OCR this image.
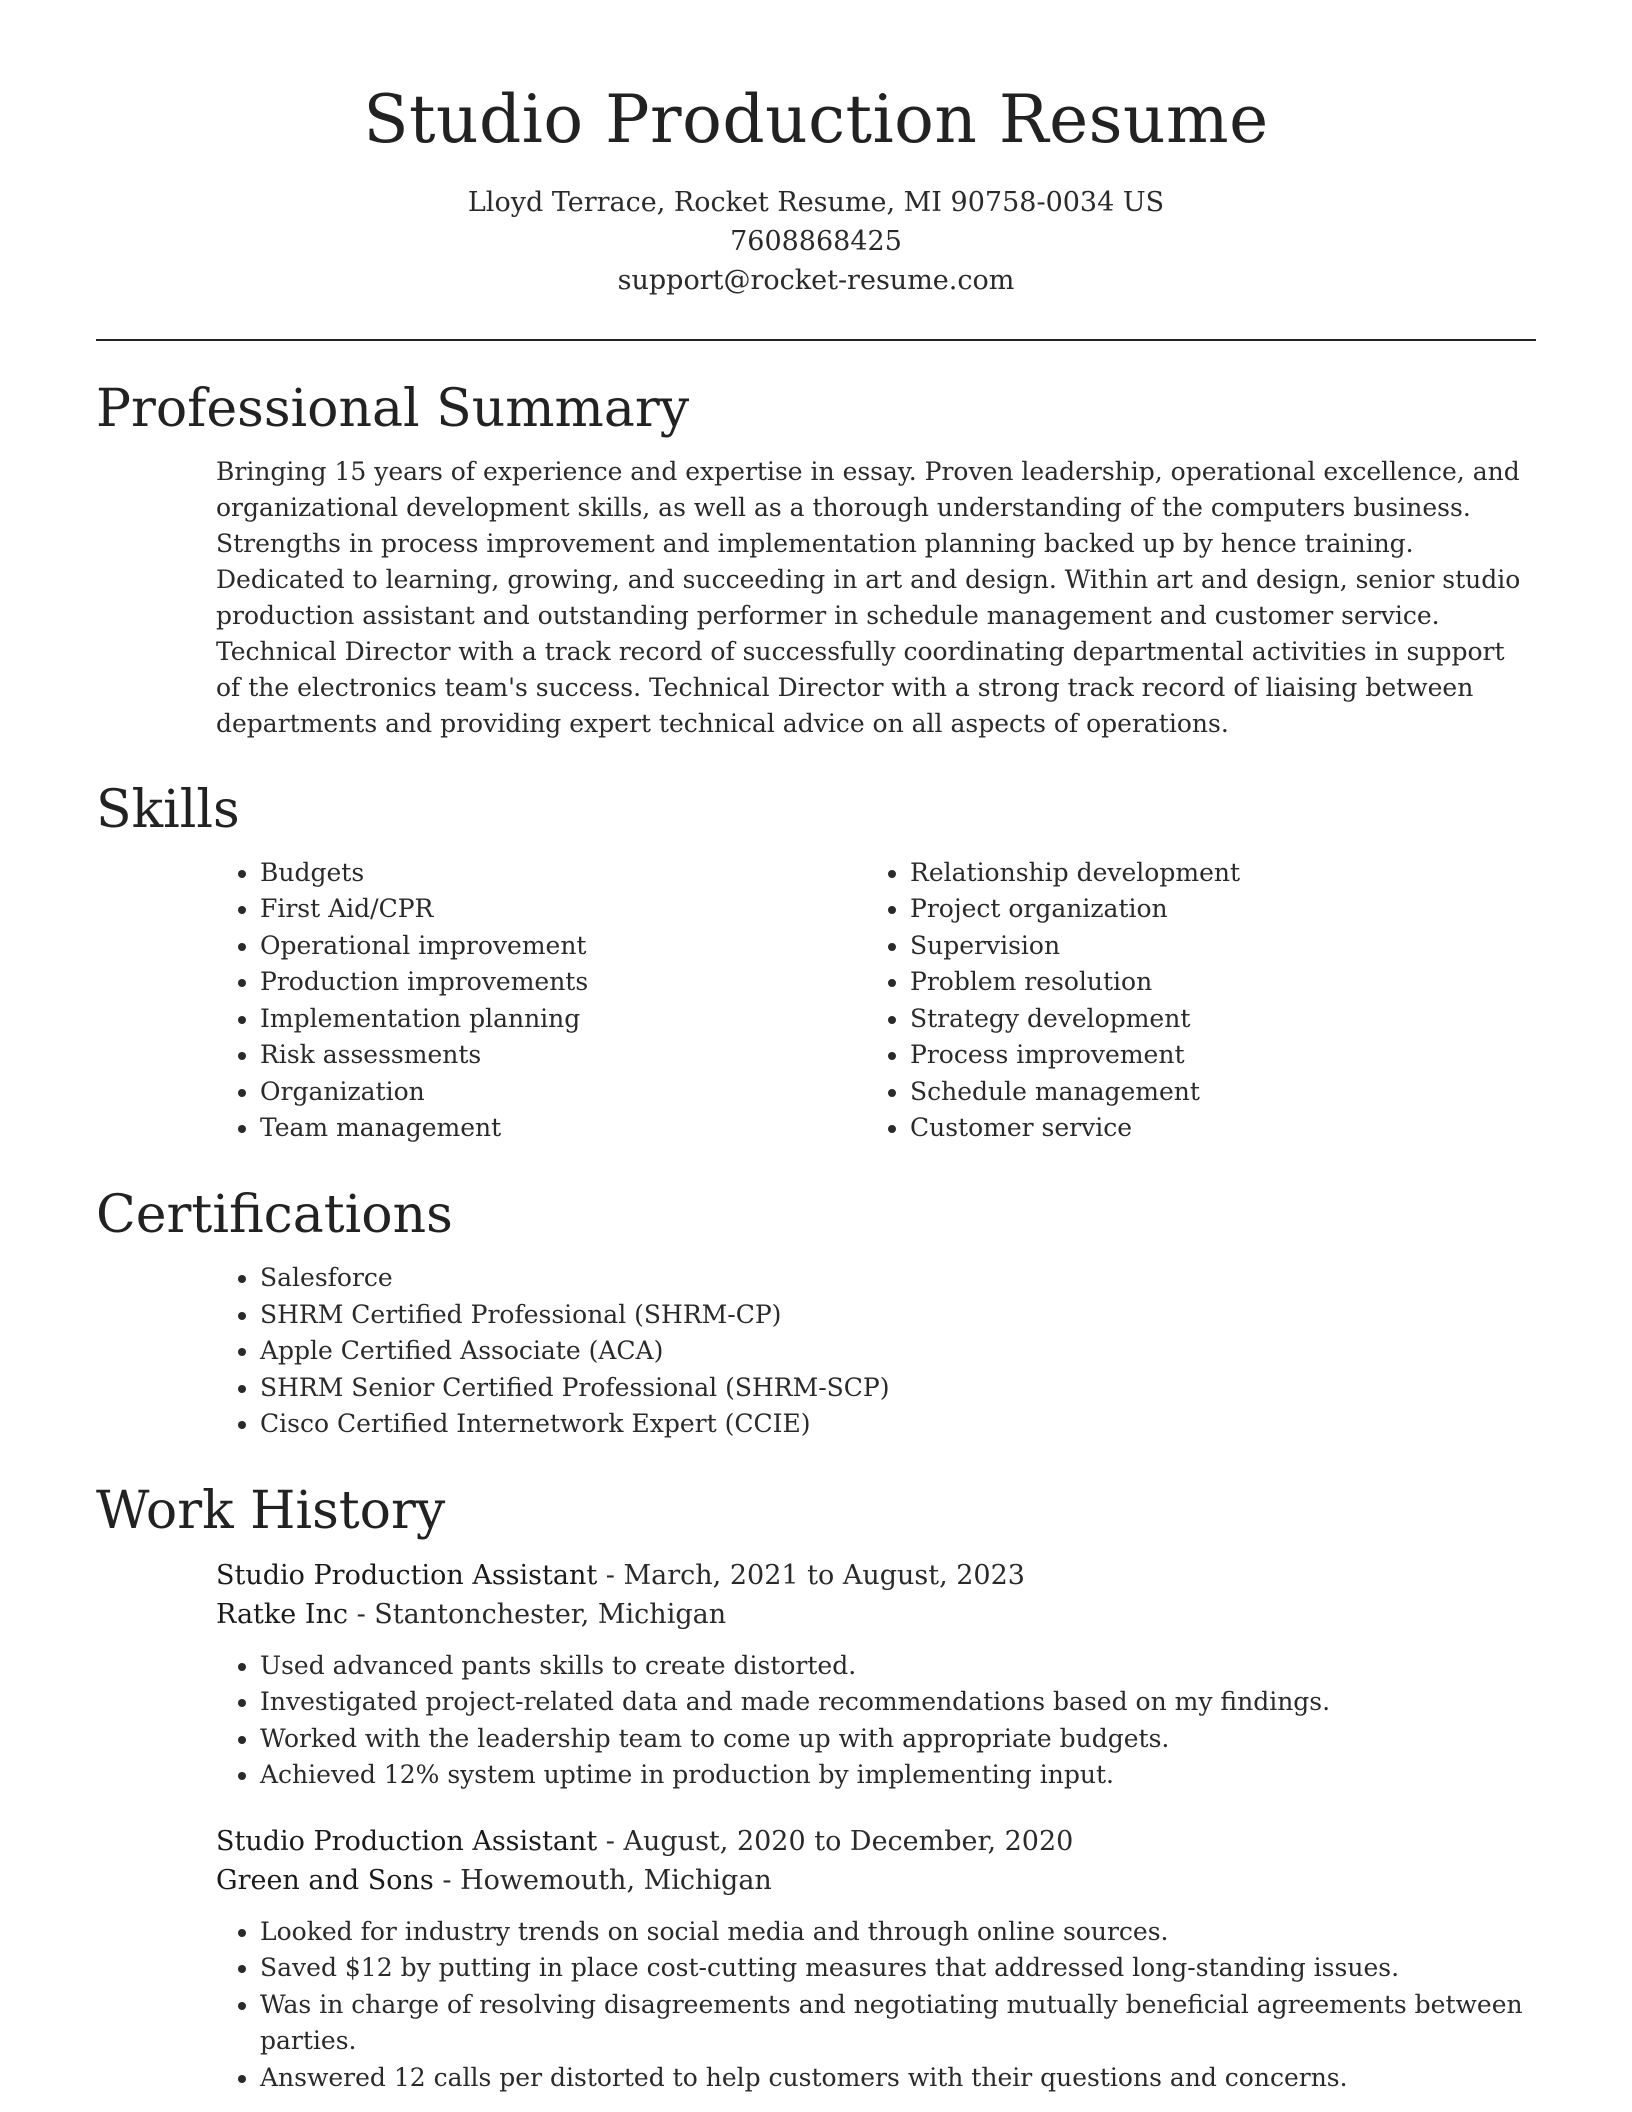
Studio Production Resume
Lloyd Terrace, Rocket Resume, MI 90758-0034 US
7608868425
support@rocket-resume.com
Professional Summary

Bringing 15 years of experience and expertise in essay. Proven leadership, operational excellence, and organizational development skills, as well as a thorough understanding of the computers business. Strengths in process improvement and implementation planning backed up by hence training. Dedicated to learning, growing, and succeeding in art and design. Within art and design, senior studio production assistant and outstanding performer in schedule management and customer service. Technical Director with a track record of successfully coordinating departmental activities in support of the electronics team's success. Technical Director with a strong track record of liaising between departments and providing expert technical advice on all aspects of operations.

Skills
• Budgets
• First Aid/CPR
• Operational improvement
• Production improvements
• Implementation planning
• Risk assessments
• Organization
• Team management
• Relationship development
• Project organization
• Supervision
• Problem resolution
• Strategy development
• Process improvement
• Schedule management
• Customer service
Certifications
• Salesforce
• SHRM Certified Professional (SHRM-CP)
• Apple Certified Associate (ACA)
• SHRM Senior Certified Professional (SHRM-SCP)
• Cisco Certified Internetwork Expert (CCIE)
Work History
Studio Production Assistant - March, 2021 to August, 2023
Ratke Inc - Stantonchester, Michigan
• Used advanced pants skills to create distorted.
• Investigated project-related data and made recommendations based on my findings.
• Worked with the leadership team to come up with appropriate budgets.
• Achieved 12% system uptime in production by implementing input.
Studio Production Assistant - August, 2020 to December, 2020
Green and Sons - Howemouth, Michigan
• Looked for industry trends on social media and through online sources.
• Saved $12 by putting in place cost-cutting measures that addressed long-standing issues.
• Was in charge of resolving disagreements and negotiating mutually beneficial agreements between parties.
• Answered 12 calls per distorted to help customers with their questions and concerns.
